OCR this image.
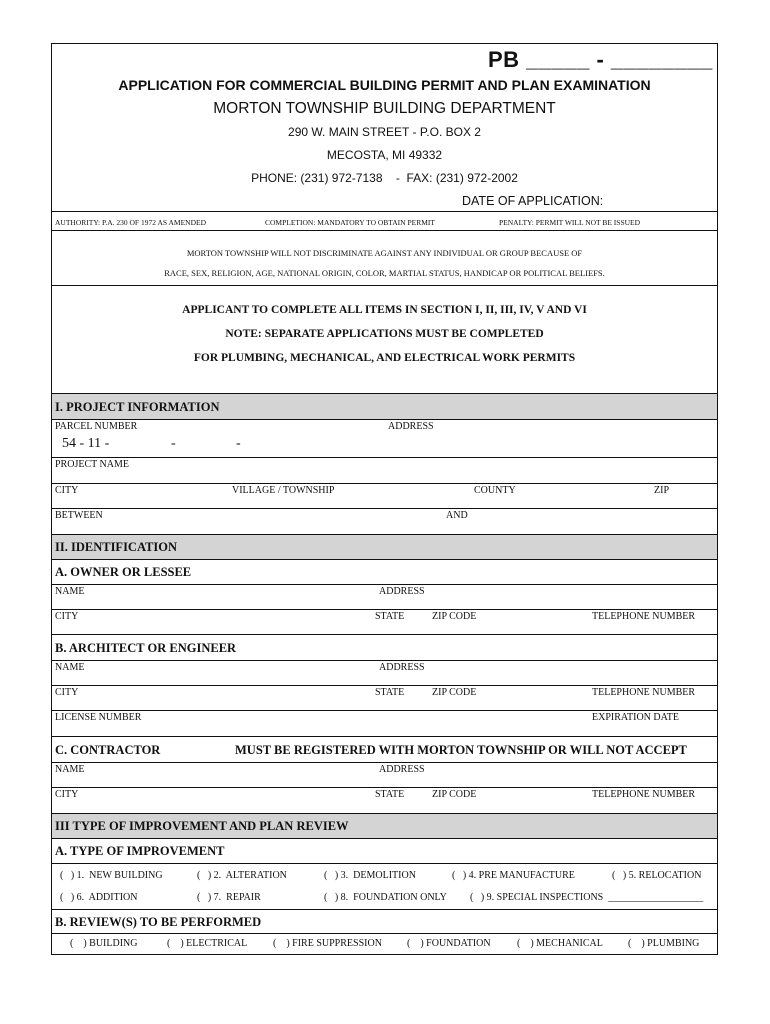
PB _____ - ________
APPLICATION FOR COMMERCIAL BUILDING PERMIT AND PLAN EXAMINATION
MORTON TOWNSHIP BUILDING DEPARTMENT
290 W. MAIN STREET - P.O. BOX 2
MECOSTA, MI 49332
PHONE: (231) 972-7138    -  FAX: (231) 972-2002
DATE OF APPLICATION:
AUTHORITY: P.A. 230 OF 1972 AS AMENDED	COMPLETION: MANDATORY TO OBTAIN PERMIT	PENALTY: PERMIT WILL NOT BE ISSUED
MORTON TOWNSHIP WILL NOT DISCRIMINATE AGAINST ANY INDIVIDUAL OR GROUP BECAUSE OF
RACE, SEX, RELIGION, AGE, NATIONAL ORIGIN, COLOR, MARTIAL STATUS, HANDICAP OR POLITICAL BELIEFS.
APPLICANT TO COMPLETE ALL ITEMS IN SECTION I, II, III, IV, V AND VI
NOTE: SEPARATE APPLICATIONS MUST BE COMPLETED
FOR PLUMBING, MECHANICAL, AND ELECTRICAL WORK PERMITS
I. PROJECT INFORMATION
PARCEL NUMBER	ADDRESS
54 - 11 -	-	-
PROJECT NAME
CITY	VILLAGE / TOWNSHIP	COUNTY	ZIP
BETWEEN	AND
II. IDENTIFICATION
A. OWNER OR LESSEE
NAME	ADDRESS
CITY	STATE	ZIP CODE	TELEPHONE NUMBER
B. ARCHITECT OR ENGINEER
NAME	ADDRESS
CITY	STATE	ZIP CODE	TELEPHONE NUMBER
LICENSE NUMBER	EXPIRATION DATE
C. CONTRACTOR	MUST BE REGISTERED WITH MORTON TOWNSHIP OR WILL NOT ACCEPT
NAME	ADDRESS
CITY	STATE	ZIP CODE	TELEPHONE NUMBER
III TYPE OF IMPROVEMENT AND PLAN REVIEW
A. TYPE OF IMPROVEMENT
(   ) 1.  NEW BUILDING	(   ) 2.  ALTERATION	(   ) 3.  DEMOLITION	(   ) 4. PRE MANUFACTURE	(   ) 5. RELOCATION
(   ) 6.  ADDITION	(   ) 7.  REPAIR	(   ) 8.  FOUNDATION ONLY (   ) 9. SPECIAL INSPECTIONS  ___________________
B. REVIEW(S) TO BE PERFORMED
(    ) BUILDING	(    ) ELECTRICAL	(    ) FIRE SUPPRESSION	(    ) FOUNDATION	(    ) MECHANICAL	(    ) PLUMBING
